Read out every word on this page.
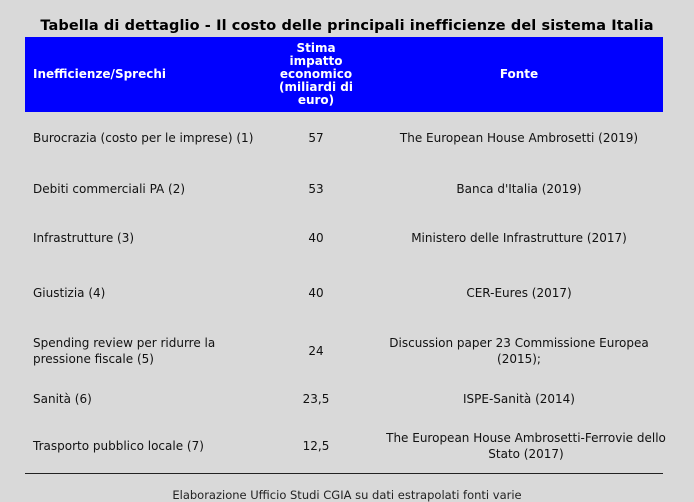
Tabella di dettaglio - Il costo delle principali inefficienze del sistema Italia
Inefficienze/Sprechi	Stima impatto economico (miliardi di euro)	Fonte
Burocrazia (costo per le imprese) (1)	57	The European House Ambrosetti (2019)
Debiti commerciali PA (2)	53	Banca d'Italia (2019)
Infrastrutture (3)	40	Ministero delle Infrastrutture (2017)
Giustizia (4)	40	CER-Eures (2017)

Spending review per ridurre la pressione fiscale (5)	24	Discussion paper 23 Commissione Europea (2015);

Sanità (6)	23,5	ISPE-Sanità (2014)
Trasporto pubblico locale (7)	12,5	The European House Ambrosetti-Ferrovie dello Stato (2017)
Elaborazione Ufficio Studi CGIA su dati estrapolati fonti varie
